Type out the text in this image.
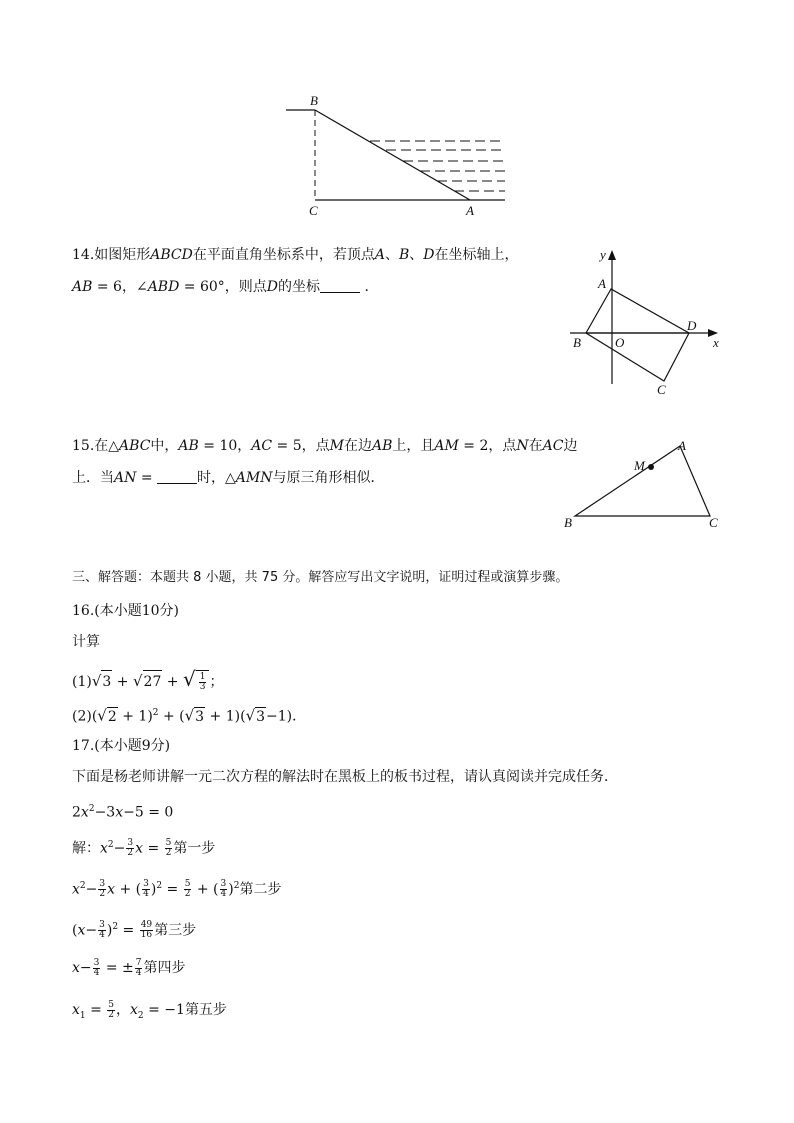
B
C	A
14.如图矩形ABCD在平面直角坐标系中，若顶点A、B、D在坐标轴上，
AB = 6，∠ABD = 60°，则点D的坐标	.
y
x
A
B	O
D
C
15.在△ABC中，AB = 10，AC = 5，点M在边AB上，且AM = 2，点N在AC边
上．当AN =	时，△AMN与原三角形相似．
A
M
B	C
三、解答题：本题共 8 小题，共 75 分。解答应写出文字说明，证明过程或演算步骤。
16.(本小题10分)
计算
(1)√3 + √27 + √ $\frac{1}{3}$ ；
$(2)(√2 + 1)^2 + (√3 + 1)(√3-1)$．
17.(本小题9分)
下面是杨老师讲解一元二次方程的解法时在黑板上的板书过程，请认真阅读并完成任务．
$2x^2-3x-5 = 0$
解：$x^2- \frac{3}{2}$ $x = \frac{5}{2}$ 第一步
$x^2- \frac{3}{2}$ x + ( $\frac{3}{4} )^2 = \frac{5}{2}$ + ( $\frac{3}{4} )^2$第二步
$(x- \frac{3}{4} )^2 = \frac{49}{16}$ 第三步
$x- \frac{3}{4}$ = ± $\frac{7}{4}$ 第四步
$x_1 = \frac{5}{2}$ ，$x_2 = -1$第五步
